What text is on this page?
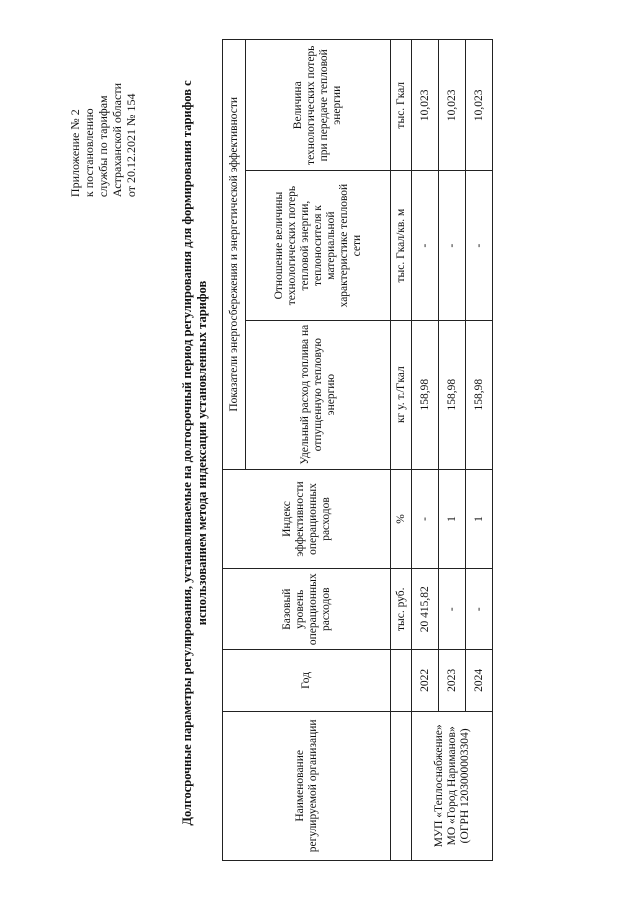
Приложение № 2 к постановлению службы по тарифам Астраханской области от 20.12.2021 № 154	Долгосрочные параметры регулирования, устанавливаемые на долгосрочный период регулирования для формирования тарифов с использованием метода индексации установленных тарифов
Наименование регулируемой организации	Год	Базовый уровень операционных расходов	Индекс эффективности операционных расходов	Показатели энергосбережения и энергетической эффективности		
				Удельный расход топлива на отпущенную тепловую энергию	Отношение величины технологических потерь тепловой энергии, теплоносителя к материальной характеристике тепловой сети	Величина технологических потерь при передаче тепловой энергии
		тыс. руб.	%	кг у. т./Гкал	тыс. Гкал/кв. м	тыс. Гкал
МУП «Теплоснабжение» МО «Город Нариманов» (ОГРН 1203000003304)	2022	20 415,82	-	158,98	-	10,023
	2023	-	1	158,98	-	10,023
	2024	-	1	158,98	-	10,023
